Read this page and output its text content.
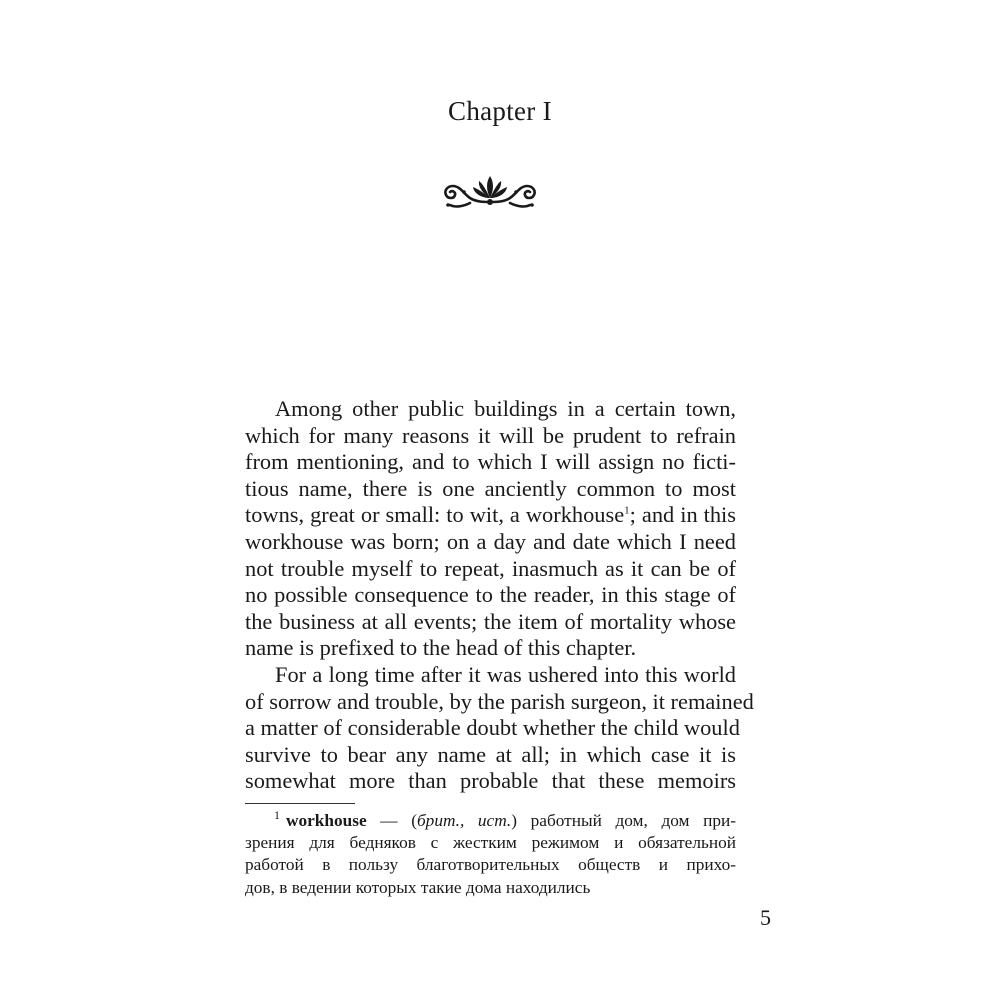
Chapter I

Among other public buildings in a certain town,
which for many reasons it will be prudent to refrain
from mentioning, and to which I will assign no ficti-
tious name, there is one anciently common to most
towns, great or small: to wit, a workhouse$^1$; and in this
workhouse was born; on a day and date which I need
not trouble myself to repeat, inasmuch as it can be of
no possible consequence to the reader, in this stage of
the business at all events; the item of mortality whose
name is prefixed to the head of this chapter.

For a long time after it was ushered into this world
of sorrow and trouble, by the parish surgeon, it remained
a matter of considerable doubt whether the child would
survive to bear any name at all; in which case it is
somewhat more than probable that these memoirs

$^1$ workhouse — (брит., ист.) работный дом, дом при-
зрения для бедняков с жестким режимом и обязательной
работой в пользу благотворительных обществ и прихо-
дов, в ведении которых такие дома находились
5
